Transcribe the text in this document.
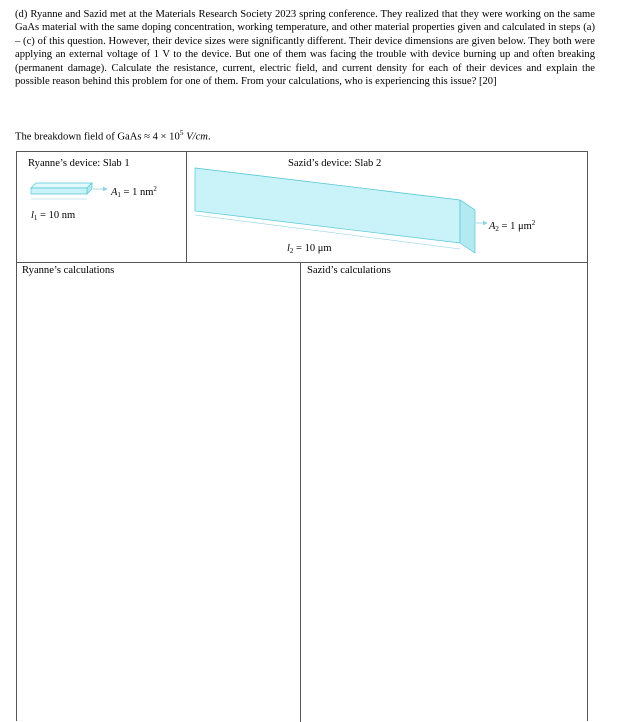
(d) Ryanne and Sazid met at the Materials Research Society 2023 spring conference. They realized that they were working on the same GaAs material with the same doping concentration, working temperature, and other material properties given and calculated in steps (a) – (c) of this question. However, their device sizes were significantly different. Their device dimensions are given below. They both were applying an external voltage of 1 V to the device. But one of them was facing the trouble with device burning up and often breaking (permanent damage). Calculate the resistance, current, electric field, and current density for each of their devices and explain the possible reason behind this problem for one of them. From your calculations, who is experiencing this issue? [20]

The breakdown field of GaAs ≈ $4 \times 10^5$ V/cm.

Ryanne’s device: Slab 1	Sazid’s device: Slab 2
Ryanne’s calculations	Sazid’s calculations
A1 = 1 $nm^2$
l1 = 10 nm
A2 = 1 $\mu m^2$
l2 = 10 μm
